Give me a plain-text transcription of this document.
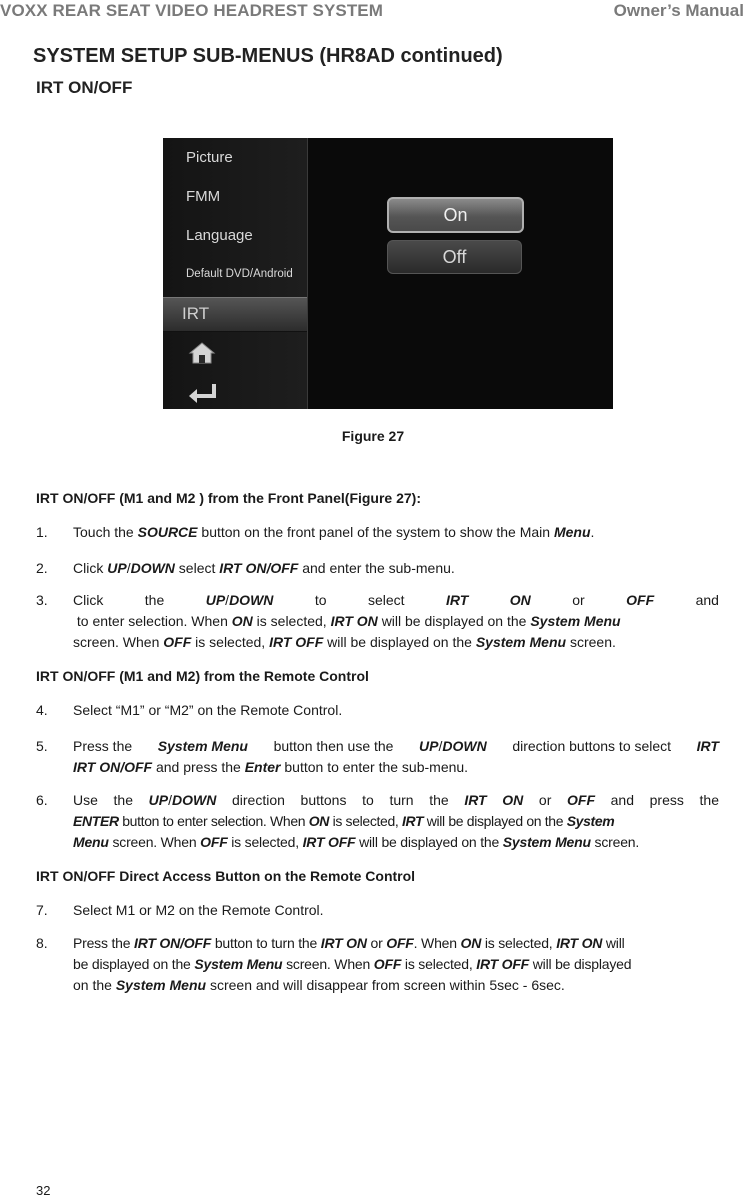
VOXX REAR SEAT VIDEO HEADREST SYSTEM	Owner’s Manual
SYSTEM SETUP SUB-MENUS (HR8AD continued)
IRT ON/OFF
Picture
FMM
Language
Default DVD/Android
IRT
On
Off
Figure 27
IRT ON/OFF (M1 and M2 ) from the Front Panel(Figure 27):
1. Touch the SOURCE button on the front panel of the system to show the Main Menu.
2. Click UP/DOWN select IRT ON/OFF and enter the sub-menu.
3. Click	the	UP/DOWN	to	select	IRT	ON	or	OFF	and
to enter selection. When ON is selected, IRT ON will be displayed on the System Menu
screen. When OFF is selected, IRT OFF will be displayed on the System Menu screen.
IRT ON/OFF (M1 and M2) from the Remote Control
4. Select “M1” or “M2” on the Remote Control.
5. Press the System Menu button then use the UP/DOWN direction buttons to select IRT
IRT ON/OFF and press the Enter button to enter the sub-menu.
6. Use the UP/DOWN direction buttons to turn the IRT ON or OFF and press the
ENTER button to enter selection. When ON is selected, IRT will be displayed on the System
Menu screen. When OFF is selected, IRT OFF will be displayed on the System Menu screen.
IRT ON/OFF Direct Access Button on the Remote Control
7. Select M1 or M2 on the Remote Control.
8. Press the IRT ON/OFF button to turn the IRT ON or OFF. When ON is selected, IRT ON will
be displayed on the System Menu screen. When OFF is selected, IRT OFF will be displayed
on the System Menu screen and will disappear from screen within 5sec - 6sec.
32
